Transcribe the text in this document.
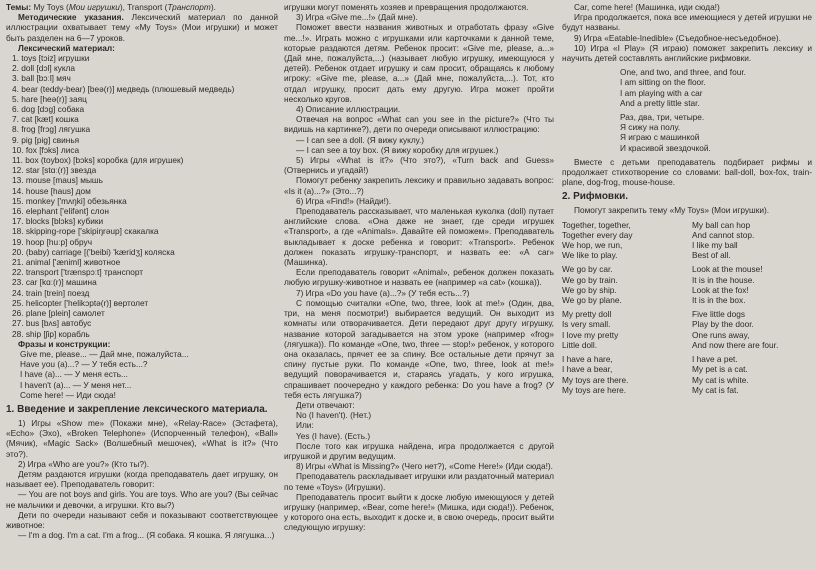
Темы: My Toys (Мои игрушки), Transport (Транспорт).

Методические указания. Лексический материал по данной иллюстрации охватывает тему «My Toys» (Мои игрушки) и может быть разделен на 6—7 уроков.

Лексический материал:

1. toys [tɔiz] игрушки
2. doll [dɔl] кукла
3. ball [bɔːl] мяч
4. bear (teddy-bear) [beə(r)] медведь (плюшевый медведь)
5. hare [heə(r)] заяц
6. dog [dɔg] собака
7. cat [kæt] кошка
8. frog [frɔg] лягушка
9. pig [pig] свинья
10. fox [fɔks] лиса
11. box (toybox) [bɔks] коробка (для игрушек)
12. star [stɑː(r)] звезда
13. mouse [maus] мышь
14. house [haus] дом
15. monkey ['mʌŋki] обезьянка
16. elephant ['elifənt] слон
17. blocks [blɔks] кубики
18. skipping-rope ['skipiŋrəup] скакалка
19. hoop [huːp] обруч
20. (baby) carriage [('beibi) 'kæridʒ] коляска
21. animal ['æniml] животное
22. transport ['trænspɔːt] транспорт
23. car [kɑː(r)] машина
24. train [trein] поезд
25. helicopter ['helikɔptə(r)] вертолет
26. plane [plein] самолет
27. bus [bʌs] автобус
28. ship [ʃip] корабль

Фразы и конструкции:

Give me, please... — Дай мне, пожалуйста...

Have you (a)...? — У тебя есть...?

I have (a)... — У меня есть...

I haven't (a)... — У меня нет...

Come here! — Иди сюда!

1. Введение и закрепление лексического материала.

1) Игры «Show me» (Покажи мне), «Relay-Race» (Эстафета), «Echo» (Эхо), «Broken Telephone» (Испорченный телефон), «Ball» (Мячик), «Magic Sack» (Волшебный мешочек), «What is it?» (Что это?).

2) Игра «Who are you?» (Кто ты?).

Детям раздаются игрушки (когда преподаватель дает игрушку, он называет ее). Преподаватель говорит:

— You are not boys and girls. You are toys. Who are you? (Вы сейчас не мальчики и девочки, а игрушки. Кто вы?)

Дети по очереди называют себя и показывают соответствующее животное:

— I'm a dog. I'm a cat. I'm a frog... (Я собака. Я кошка. Я лягушка...)

игрушки могут поменять хозяев и превращения продолжаются.

3) Игра «Give me...!» (Дай мне).

Поможет ввести названия животных и отработать фразу «Give me...!». Играть можно с игрушками или карточками к данной теме, которые раздаются детям. Ребенок просит: «Give me, please, a...» (Дай мне, пожалуйста,...) (называет любую игрушку, имеющуюся у детей). Ребенок отдает игрушку и сам просит, обращаясь к любому игроку: «Give me, please, a...» (Дай мне, пожалуйста,...). Тот, кто отдал игрушку, просит дать ему другую. Игра может пройти несколько кругов.

4) Описание иллюстрации.

Отвечая на вопрос «What can you see in the picture?» (Что ты видишь на картинке?), дети по очереди описывают иллюстрацию:

— I can see a doll. (Я вижу куклу.)

— I can see a toy box. (Я вижу коробку для игрушек.)

5) Игры «What is it?» (Что это?), «Turn back and Guess» (Отвернись и угадай!)

Помогут ребенку закрепить лексику и правильно задавать вопрос: «Is it (a)...?» (Это...?)

6) Игра «Find!» (Найди!).

Преподаватель рассказывает, что маленькая куколка (doll) путает английские слова. «Она даже не знает, где среди игрушек «Transport», а где «Animals». Давайте ей поможем». Преподаватель выкладывает к доске ребенка и говорит: «Transport». Ребенок должен показать игрушку-транспорт, и назвать ее: «A car» (Машинка).

Если преподаватель говорит «Animal», ребенок должен показать любую игрушку-животное и назвать ее (например «a cat» (кошка)).

7) Игра «Do you have (a)...?» (У тебя есть...?)

С помощью считалки «One, two, three, look at me!» (Один, два, три, на меня посмотри!) выбирается ведущий. Он выходит из комнаты или отворачивается. Дети передают друг другу игрушку, название которой загадывается на этом уроке (например «frog» (лягушка)). По команде «One, two, three — stop!» ребенок, у которого она оказалась, прячет ее за спину. Все остальные дети прячут за спину пустые руки. По команде «One, two, three, look at me!» ведущий поворачивается и, стараясь угадать, у кого игрушка, спрашивает поочередно у каждого ребенка: Do you have a frog? (У тебя есть лягушка?)

Дети отвечают:

No (I haven't). (Нет.)

Или:

Yes (I have). (Есть.)

После того как игрушка найдена, игра продолжается с другой игрушкой и другим ведущим.

8) Игры «What is Missing?» (Чего нет?), «Come Here!» (Иди сюда!).

Преподаватель раскладывает игрушки или раздаточный материал по теме «Toys» (Игрушки).

Преподаватель просит выйти к доске любую имеющуюся у детей игрушку (например, «Bear, come here!» (Мишка, иди сюда!)). Ребенок, у которого она есть, выходит к доске и, в свою очередь, просит выйти следующую игрушку:

Car, come here! (Машинка, иди сюда!)

Игра продолжается, пока все имеющиеся у детей игрушки не будут названы.

9) Игра «Eatable-Inedible» (Съедобное-несъедобное).

10) Игра «I Play» (Я играю) поможет закрепить лексику и научить детей составлять английские рифмовки.

One, and two, and three, and four.
I am sitting on the floor.
I am playing with a car
And a pretty little star.
Раз, два, три, четыре.
Я сижу на полу.
Я играю с машинкой
И красивой звездочкой.

Вместе с детьми преподаватель подбирает рифмы и продолжает стихотворение со словами: ball-doll, box-fox, train-plane, dog-frog, mouse-house.

2. Рифмовки.

Помогут закрепить тему «My Toys» (Мои игрушки).

Together, together,	My ball can hop
Together every day	And cannot stop.
We hop, we run,	I like my ball
We like to play.	Best of all.
We go by car.	Look at the mouse!
We go by train.	It is in the house.
We go by ship.	Look at the fox!
We go by plane.	It is in the box.
My pretty doll	Five little dogs
Is very small.	Play by the door.
I love my pretty	One runs away,
Little doll.	And now there are four.
I have a hare,	I have a pet.
I have a bear,	My pet is a cat.
My toys are there.	My cat is white.
My toys are here.	My cat is fat.
